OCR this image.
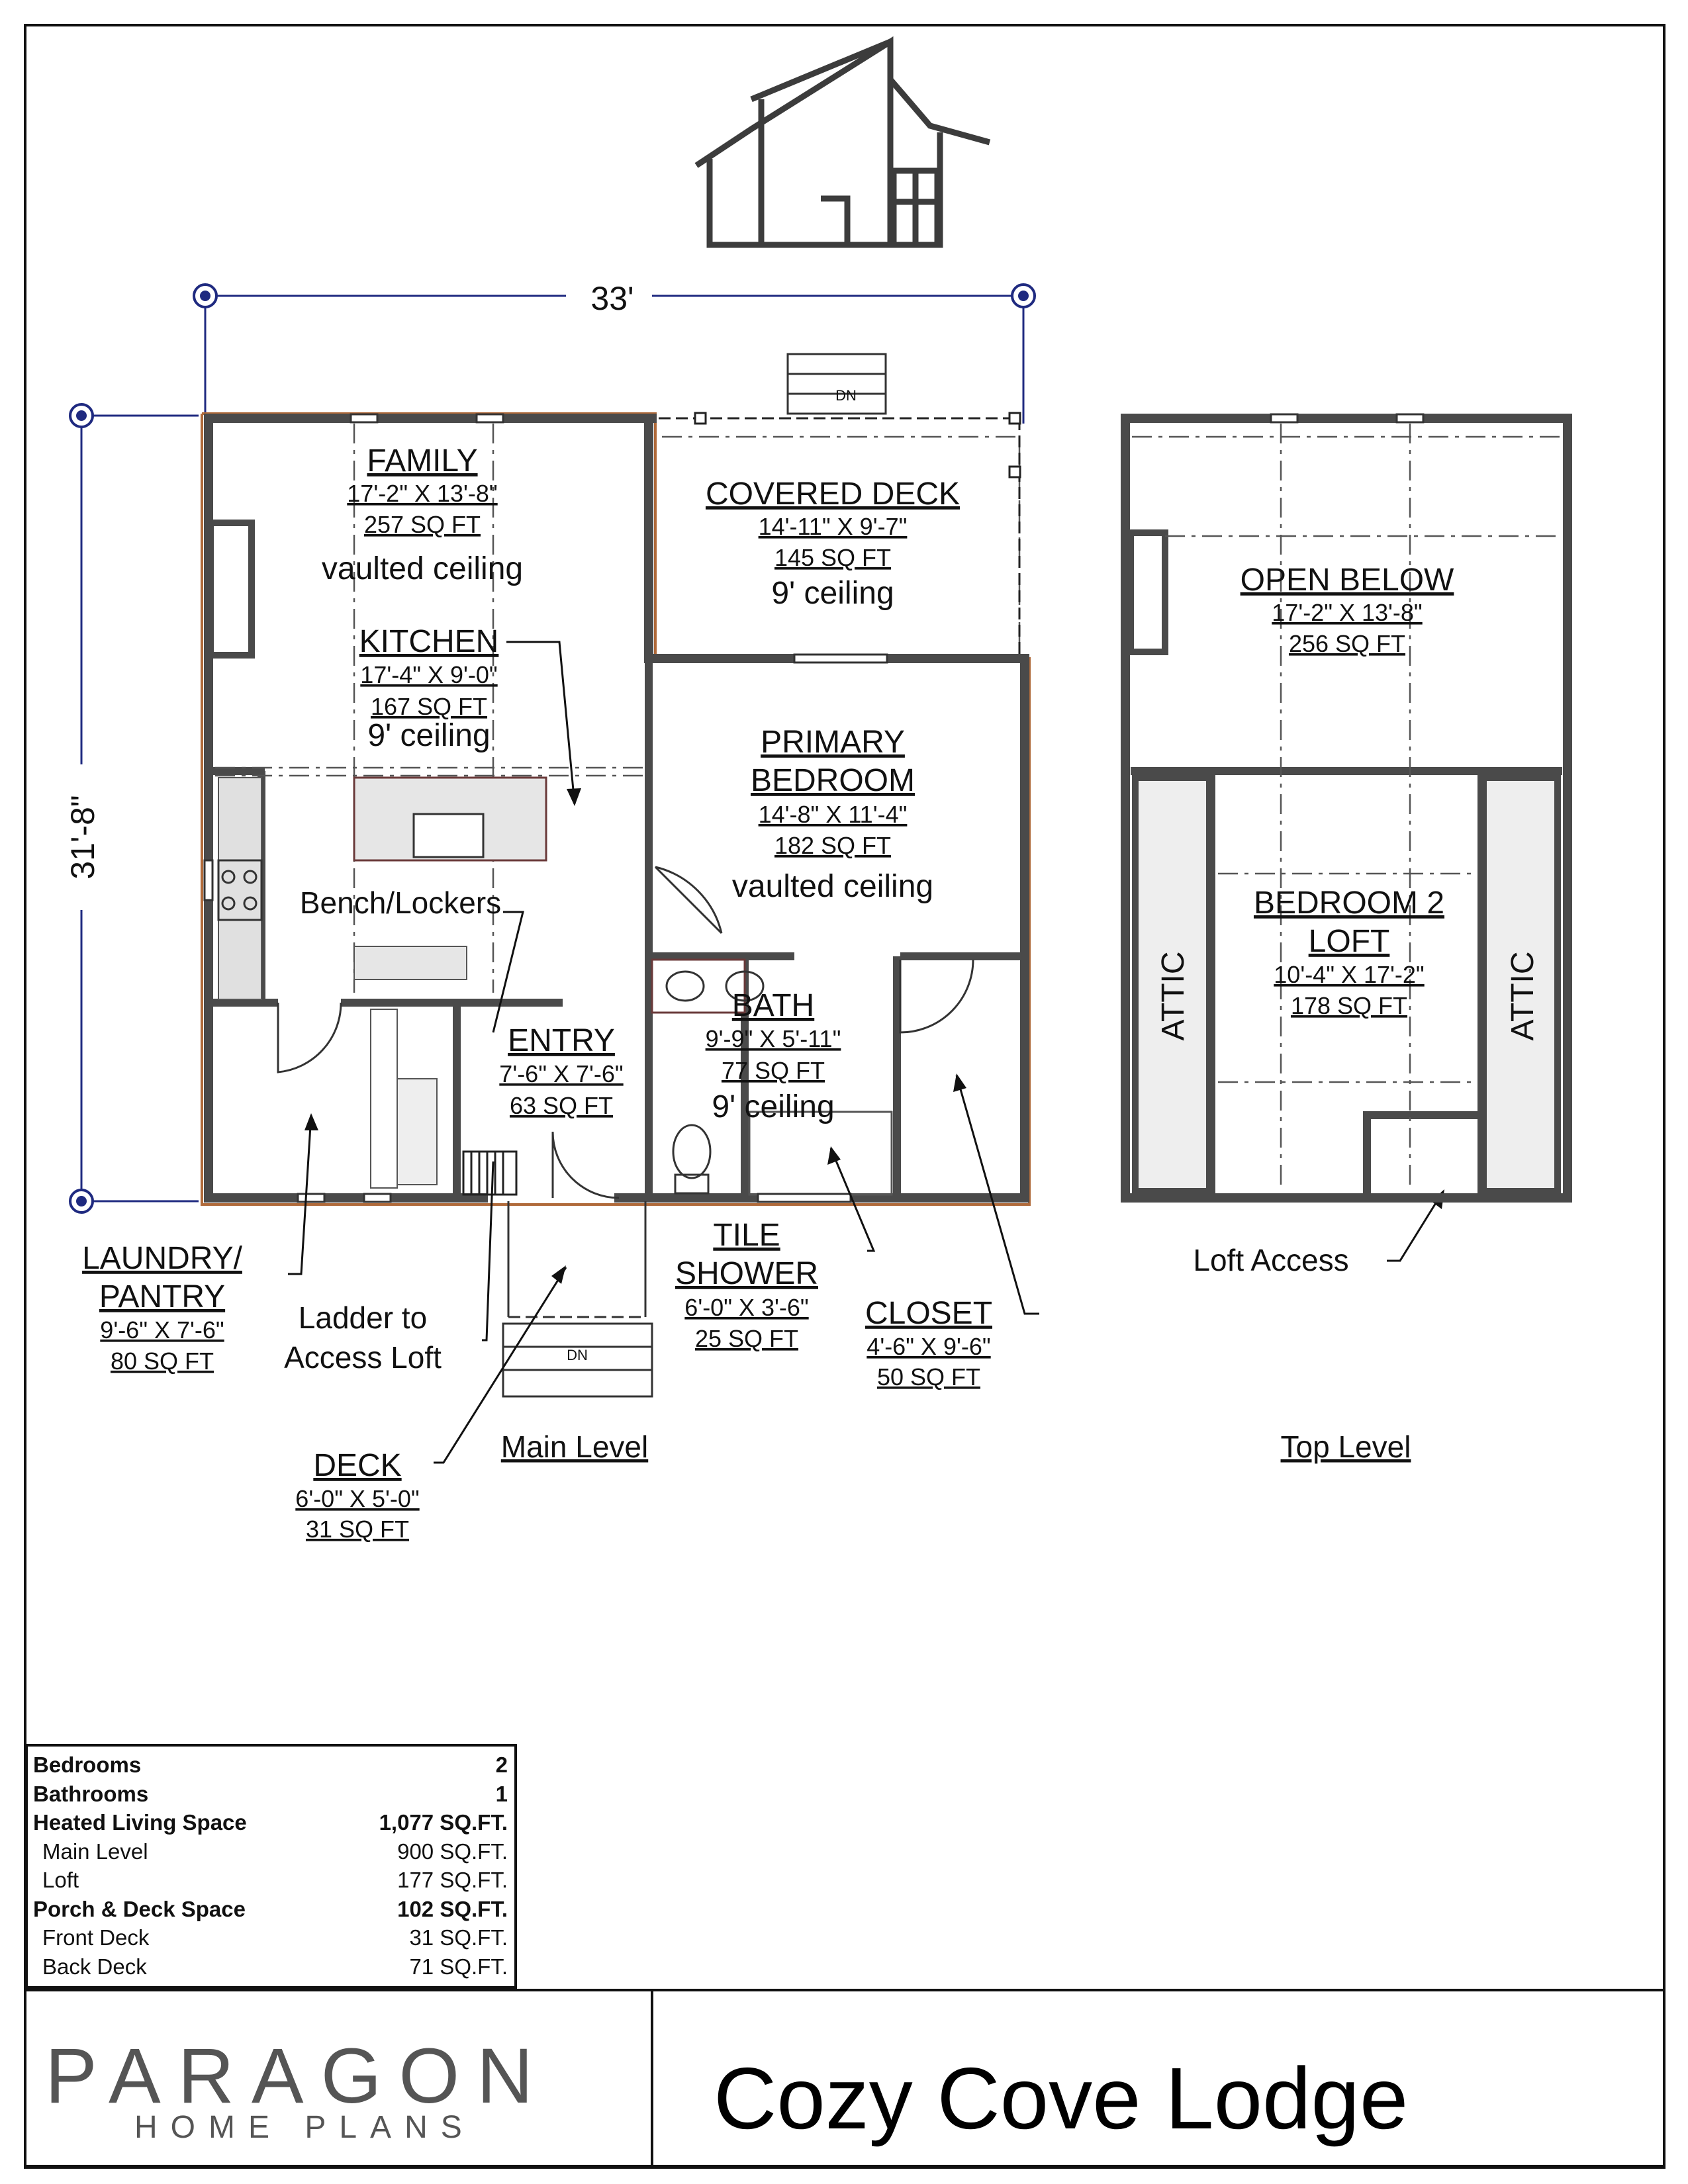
33'
31'-8"
DN
DN
FAMILY
17'-2" X 13'-8"
257 SQ FT
vaulted ceiling
KITCHEN
17'-4" X 9'-0"
167 SQ FT
9' ceiling
COVERED DECK
14'-11" X 9'-7"
145 SQ FT
9' ceiling
PRIMARY
BEDROOM
14'-8" X 11'-4"
182 SQ FT
vaulted ceiling
ENTRY
7'-6" X 7'-6"
63 SQ FT
BATH
9'-9" X 5'-11"
77 SQ FT
9' ceiling
LAUNDRY/
PANTRY
9'-6" X 7'-6"
80 SQ FT
TILE
SHOWER
6'-0" X 3'-6"
25 SQ FT
CLOSET
4'-6" X 9'-6"
50 SQ FT
DECK
6'-0" X 5'-0"
31 SQ FT
OPEN BELOW
17'-2" X 13'-8"
256 SQ FT
BEDROOM 2
LOFT
10'-4" X 17'-2"
178 SQ FT
Bench/Lockers
Ladder to
Access Loft
Loft Access
ATTIC	ATTIC
Main Level	Top Level
Bedrooms	2
Bathrooms	1
Heated Living Space	1,077 SQ.FT.
Main Level	900 SQ.FT.
Loft	177 SQ.FT.
Porch & Deck Space	102 SQ.FT.
Front Deck	31 SQ.FT.
Back Deck	71 SQ.FT.
PARAGON
HOME PLANS	Cozy Cove Lodge
